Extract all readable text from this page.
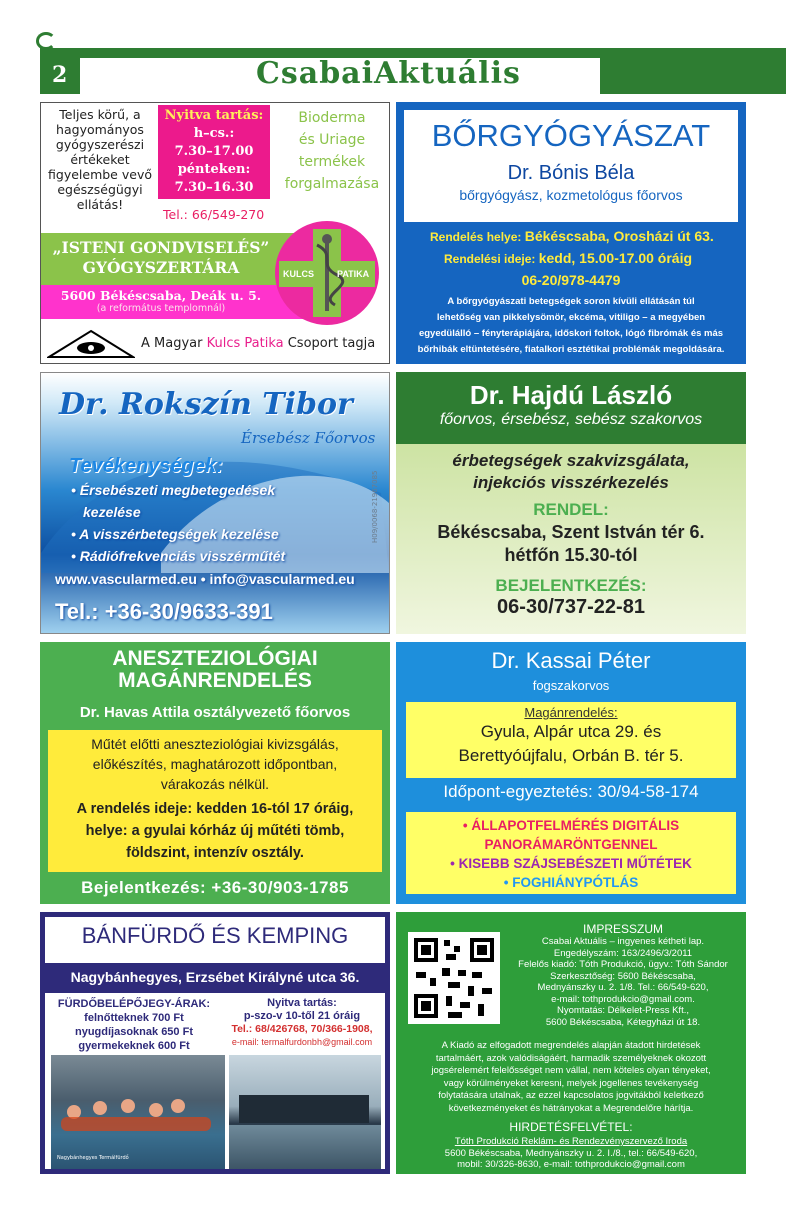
2	CsabaiAktuális
Teljes körű, a
hagyományos
gyógyszerészi
értékeket
figyelembe vevő
egészségügyi
ellátás!
Nyitva tartás:
h–cs.:
7.30–17.00
pénteken:
7.30–16.30
Tel.: 66/549-270
Bioderma
és Uriage
termékek
forgalmazása
„ISTENI GONDVISELÉS”
GYÓGYSZERTÁRA
5600 Békéscsaba, Deák u. 5.
(a református templomnál)
KULCS	PATIKA
A Magyar Kulcs Patika Csoport tagja
BŐRGYÓGYÁSZAT
Dr. Bónis Béla
bőrgyógyász, kozmetológus főorvos
Rendelés helye: Békéscsaba, Orosházi út 63.
Rendelési ideje: kedd, 15.00-17.00 óráig
06-20/978-4479
A bőrgyógyászati betegségek soron kívüli ellátásán túl
lehetőség van pikkelysömör, ekcéma, vitiligo – a megyében
egyedülálló – fényterápiájára, időskori foltok, lógó fibrómák és más
bőrhibák eltüntetésére, fiatalkori esztétikai problémák megoldására.
Dr. Rokszín Tibor
Érsebész Főorvos
Tevékenységek:
• Érsebészeti megbetegedések
kezelése
• A visszérbetegségek kezelése
• Rádiófrekvenciás visszérműtét
www.vascularmed.eu • info@vascularmed.eu
Tel.: +36-30/9633-391
H09/0068-21967085
Dr. Hajdú László
főorvos, érsebész, sebész szakorvos
érbetegségek szakvizsgálata,
injekciós visszérkezelés
RENDEL:
Békéscsaba, Szent István tér 6.
hétfőn 15.30-tól
BEJELENTKEZÉS:
06-30/737-22-81
ANESZTEZIOLÓGIAI
MAGÁNRENDELÉS
Dr. Havas Attila osztályvezető főorvos
Műtét előtti aneszteziológiai kivizsgálás,
előkészítés, maghatározott időpontban,
várakozás nélkül.
A rendelés ideje: kedden 16-tól 17 óráig,
helye: a gyulai kórház új műtéti tömb,
földszint, intenzív osztály.
Bejelentkezés: +36-30/903-1785
Dr. Kassai Péter
fogszakorvos
Magánrendelés:
Gyula, Alpár utca 29. és
Berettyóújfalu, Orbán B. tér 5.
Időpont-egyeztetés: 30/94-58-174
• ÁLLAPOTFELMÉRÉS DIGITÁLIS
PANORÁMARÖNTGENNEL
• KISEBB SZÁJSEBÉSZETI MŰTÉTEK
• FOGHIÁNYPÓTLÁS
BÁNFÜRDŐ ÉS KEMPING
Nagybánhegyes, Erzsébet Királyné utca 36.
FÜRDŐBELÉPŐJEGY-ÁRAK:
felnőtteknek 700 Ft
nyugdíjasoknak 650 Ft
gyermekeknek 600 Ft
Nyitva tartás:
p-szo-v 10-től 21 óráig
Tel.: 68/426768, 70/366-1908,
e-mail: termalfurdonbh@gmail.com
Nagybánhegyes Termálfürdő
IMPRESSZUM
Csabai Aktuális – ingyenes kétheti lap.
Engedélyszám: 163/2496/3/2011
Felelős kiadó: Tóth Produkció, ügyv.: Tóth Sándor
Szerkesztőség: 5600 Békéscsaba,
Mednyánszky u. 2. 1/8. Tel.: 66/549-620,
e-mail: tothprodukcio@gmail.com.
Nyomtatás: Délkelet-Press Kft.,
5600 Békéscsaba, Kétegyházi út 18.
A Kiadó az elfogadott megrendelés alapján átadott hirdetések
tartalmáért, azok valódiságáért, harmadik személyeknek okozott
jogsérelemért felelősséget nem vállal, nem köteles olyan tényeket,
vagy körülményeket keresni, melyek jogellenes tevékenység
folytatására utalnak, az ezzel kapcsolatos jogvitákból keletkező
következményeket és hátrányokat a Megrendelőre hárítja.
HIRDETÉSFELVÉTEL:
Tóth Produkció Reklám- és Rendezvényszervező Iroda
5600 Békéscsaba, Mednyánszky u. 2. I./8., tel.: 66/549-620,
mobil: 30/326-8630, e-mail: tothprodukcio@gmail.com
